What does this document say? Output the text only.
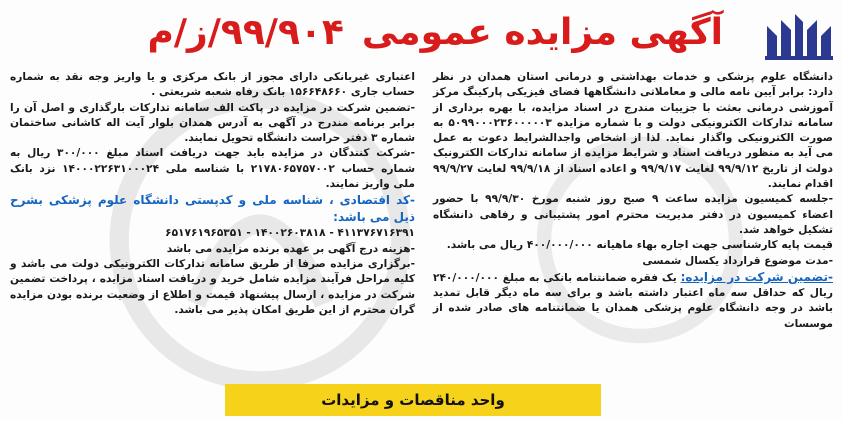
آگهی مزایده عمومی۹۹/۹۰۴/ز/م

دانشگاه علوم پزشکی و خدمات بهداشتی و درمانی استان همدان در نظر دارد: برابر آیین نامه مالی و معاملاتی دانشگاهها فضای فیزیکی پارکینگ مرکز آموزشی درمانی بعثت با جزییات مندرج در اسناد مزایده، با بهره برداری از سامانه تدارکات الکترونیکی دولت و با شماره مزایده ۵۰۹۹۰۰۰۲۳۶۰۰۰۰۰۳ به صورت الکترونیکی واگذار نماید. لذا از اشخاص واجدالشرایط دعوت به عمل می آید به منظور دریافت اسناد و شرایط مزایده از سامانه تدارکات الکترونیک دولت از تاریخ ۹۹/۹/۱۲ لغایت ۹۹/۹/۱۷ و اعاده اسناد از ۹۹/۹/۱۸ لغایت ۹۹/۹/۲۷ اقدام نمایند.

-جلسه کمیسیون مزایده ساعت ۹ صبح روز شنبه مورخ ۹۹/۹/۳۰ با حضور اعضاء کمیسیون در دفتر مدیریت محترم امور پشتیبانی و رفاهی دانشگاه تشکیل خواهد شد.

قیمت پایه کارشناسی جهت اجاره بهاء ماهیانه ۴۰۰/۰۰۰/۰۰۰ ریال می باشد.

-مدت موضوع قرارداد یکسال شمسی

-تضمین شرکت در مزایده: یک فقره ضمانتنامه بانکی به مبلغ ۲۴۰/۰۰۰/۰۰۰ ریال که حداقل سه ماه اعتبار داشته باشد و برای سه ماه دیگر قابل تمدید باشد در وجه دانشگاه علوم پزشکی همدان یا ضمانتنامه های صادر شده از موسسات

اعتباری غیربانکی دارای مجوز از بانک مرکزی و یا واریز وجه نقد به شماره حساب جاری ۱۵۶۶۴۸۶۶۰ بانک رفاه شعبه شریعتی .

-تضمین شرکت در مزایده در پاکت الف سامانه تدارکات بارگذاری و اصل آن را برابر برنامه مندرج در آگهی به آدرس همدان بلوار آیت اله کاشانی ساختمان شماره ۳ دفتر حراست دانشگاه تحویل نمایند.

-شرکت کنندگان در مزایده باید جهت دریافت اسناد مبلغ ۳۰۰/۰۰۰ ریال به شماره حساب ۲۱۷۸۰۶۵۷۵۷۰۰۲ با شناسه ملی ۱۴۰۰۰۲۲۶۳۱۰۰۰۲۴ نزد بانک ملی واریز نمایند.

-کد اقتصادی ، شناسه ملی و کدپستی دانشگاه علوم پزشکی بشرح ذیل می باشد:

۴۱۱۳۷۶۷۱۶۳۹۱ - ۱۴۰۰۲۶۰۳۸۱۸ - ۶۵۱۷۶۱۹۶۵۳۵۱

-هزینه درج آگهی بر عهده برنده مزایده می باشد

-برگزاری مزایده صرفا از طریق سامانه تدارکات الکترونیکی دولت می باشد و کلیه مراحل فرآیند مزایده شامل خرید و دریافت اسناد مزایده ، پرداخت تضمین شرکت در مزایده ، ارسال پیشنهاد قیمت و اطلاع از وضعیت برنده بودن مزایده گران محترم از این طریق امکان پذیر می باشد.

واحد مناقصات و مزایدات
